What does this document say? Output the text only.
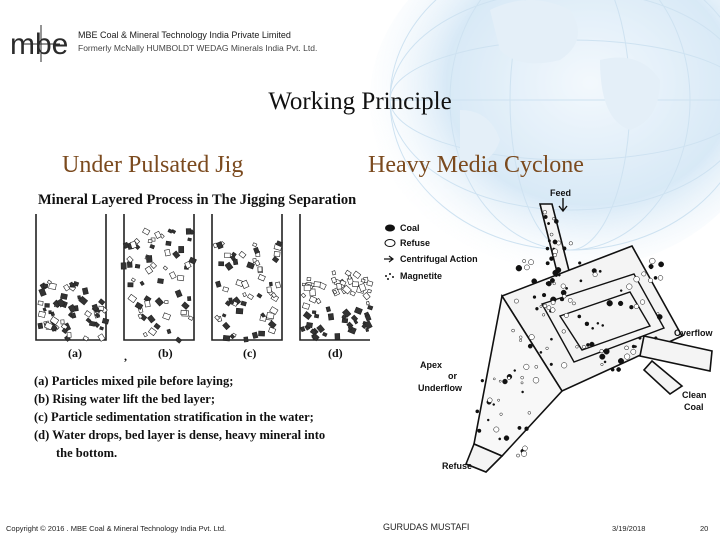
mbe MBE Coal & Mineral Technology India Private Limited
Formerly McNally HUMBOLDT WEDAG Minerals India Pvt. Ltd.
Working Principle
Under Pulsated Jig	Heavy Media Cyclone
Mineral Layered Process in The Jigging Separation
(a)	,	(b)	(c)	(d)
(a) Particles mixed pile before laying;
(b) Rising water lift the bed layer;
(c) Particle sedimentation stratification in the water;
(d) Water drops, bed layer is dense, heavy mineral into
the bottom.
Feed
Coal
Refuse
Centrifugal Action
Magnetite
Overflow
Apex
or
Underflow
Clean
Coal
Refuse
Copyright © 2016 . MBE Coal & Mineral Technology India Pvt. Ltd.	GURUDAS MUSTAFI	3/19/2018	20
